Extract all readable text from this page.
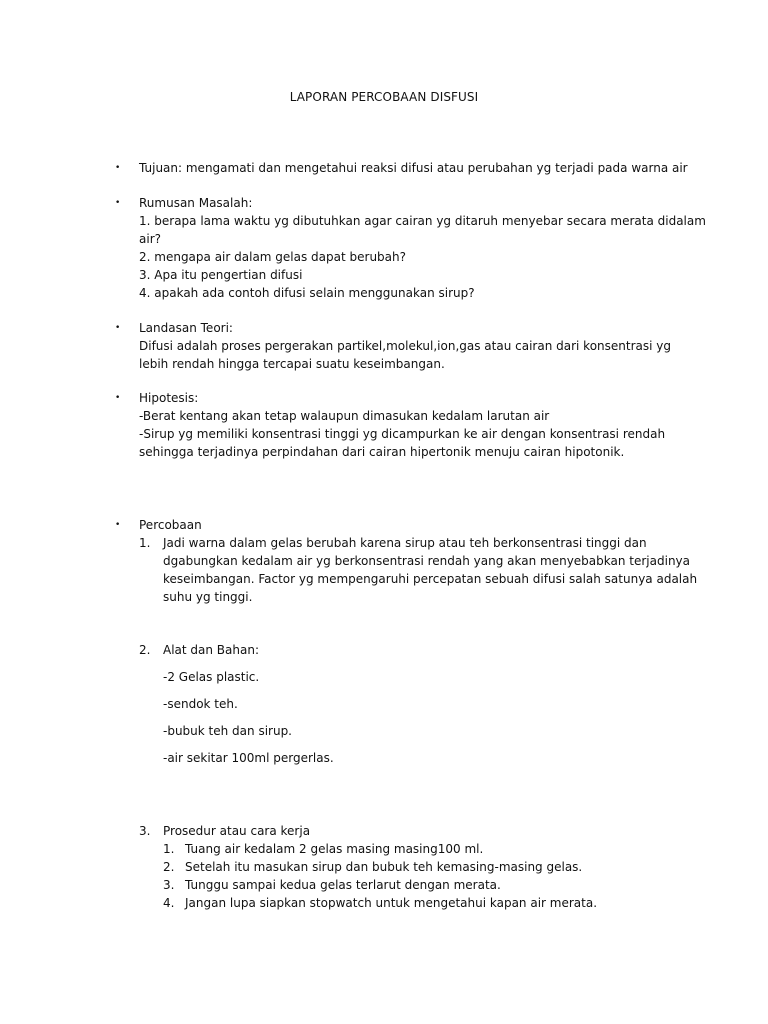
LAPORAN PERCOBAAN DISFUSI
• Tujuan: mengamati dan mengetahui reaksi difusi atau perubahan yg terjadi pada warna air
• Rumusan Masalah:
1. berapa lama waktu yg dibutuhkan agar cairan yg ditaruh menyebar secara merata didalam
air?
2. mengapa air dalam gelas dapat berubah?
3. Apa itu pengertian difusi
4. apakah ada contoh difusi selain menggunakan sirup?
• Landasan Teori:
Difusi adalah proses pergerakan partikel,molekul,ion,gas atau cairan dari konsentrasi yg
lebih rendah hingga tercapai suatu keseimbangan.
• Hipotesis:
-Berat kentang akan tetap walaupun dimasukan kedalam larutan air
-Sirup yg memiliki konsentrasi tinggi yg dicampurkan ke air dengan konsentrasi rendah
sehingga terjadinya perpindahan dari cairan hipertonik menuju cairan hipotonik.
• Percobaan
1. Jadi warna dalam gelas berubah karena sirup atau teh berkonsentrasi tinggi dan
dgabungkan kedalam air yg berkonsentrasi rendah yang akan menyebabkan terjadinya
keseimbangan. Factor yg mempengaruhi percepatan sebuah difusi salah satunya adalah
suhu yg tinggi.
2. Alat dan Bahan:
-2 Gelas plastic.
-sendok teh.
-bubuk teh dan sirup.
-air sekitar 100ml pergerlas.
3. Prosedur atau cara kerja
1. Tuang air kedalam 2 gelas masing masing100 ml.
2. Setelah itu masukan sirup dan bubuk teh kemasing-masing gelas.
3. Tunggu sampai kedua gelas terlarut dengan merata.
4. Jangan lupa siapkan stopwatch untuk mengetahui kapan air merata.
